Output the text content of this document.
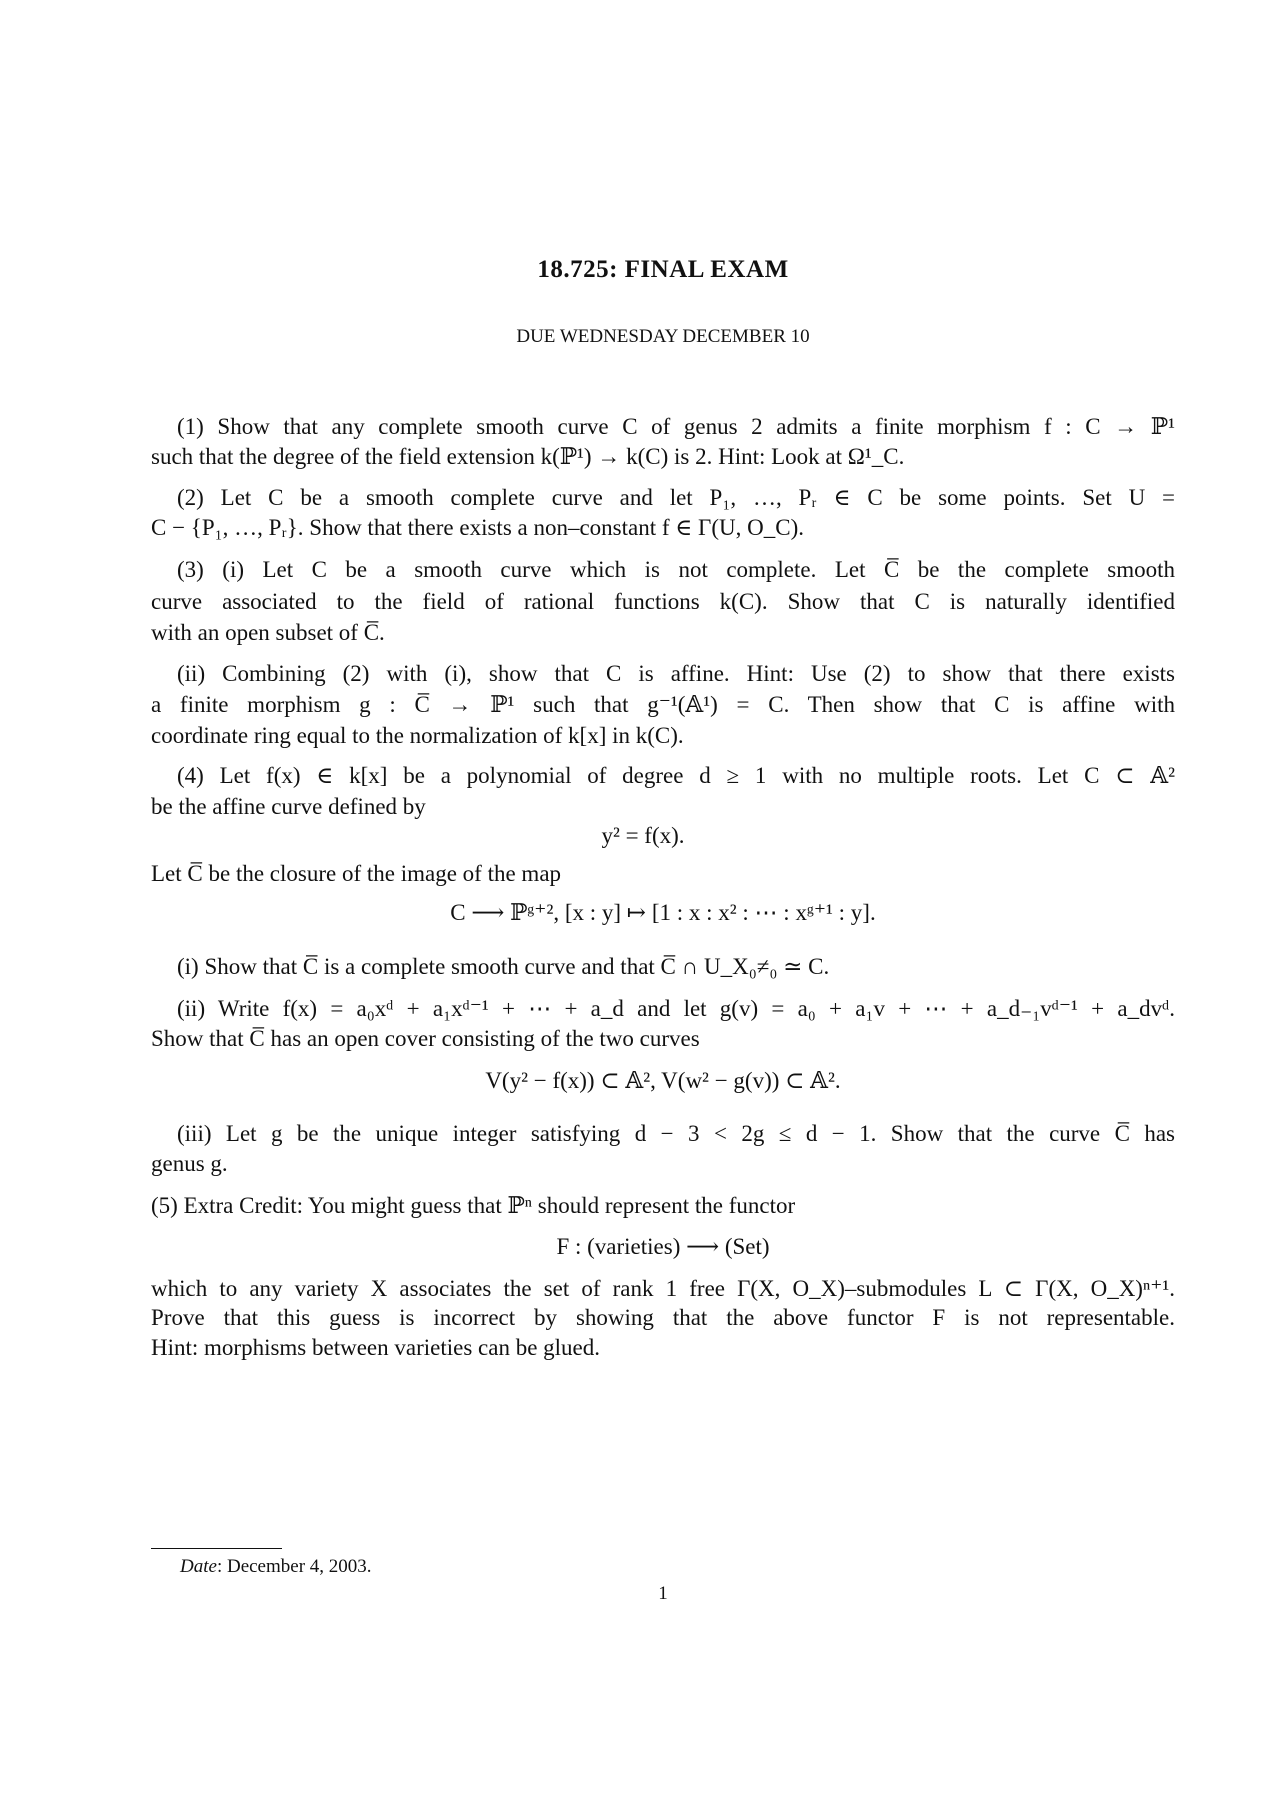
18.725: FINAL EXAM
DUE WEDNESDAY DECEMBER 10
(1) Show that any complete smooth curve C of genus 2 admits a finite morphism f : C → ℙ¹
such that the degree of the field extension k(ℙ¹) → k(C) is 2. Hint: Look at Ω¹_C.
(2) Let C be a smooth complete curve and let P₁, …, Pᵣ ∈ C be some points. Set U =
C − {P₁, …, Pᵣ}. Show that there exists a non–constant f ∈ Γ(U, O_C).
(3) (i) Let C be a smooth curve which is not complete. Let C̅ be the complete smooth
curve associated to the field of rational functions k(C). Show that C is naturally identified
with an open subset of C̅.
(ii) Combining (2) with (i), show that C is affine. Hint: Use (2) to show that there exists
a finite morphism g : C̅ → ℙ¹ such that g⁻¹(𝔸¹) = C. Then show that C is affine with
coordinate ring equal to the normalization of k[x] in k(C).
(4) Let f(x) ∈ k[x] be a polynomial of degree d ≥ 1 with no multiple roots. Let C ⊂ 𝔸²
be the affine curve defined by
y² = f(x).
Let C̅ be the closure of the image of the map
C ⟶ ℙᵍ⁺², [x : y] ↦ [1 : x : x² : ⋯ : xᵍ⁺¹ : y].
(i) Show that C̅ is a complete smooth curve and that C̅ ∩ U_X₀≠₀ ≃ C.
(ii) Write f(x) = a₀xᵈ + a₁xᵈ⁻¹ + ⋯ + a_d and let g(v) = a₀ + a₁v + ⋯ + a_d₋₁vᵈ⁻¹ + a_dvᵈ.
Show that C̅ has an open cover consisting of the two curves
V(y² − f(x)) ⊂ 𝔸², V(w² − g(v)) ⊂ 𝔸².
(iii) Let g be the unique integer satisfying d − 3 < 2g ≤ d − 1. Show that the curve C̅ has
genus g.
(5) Extra Credit: You might guess that ℙⁿ should represent the functor
F : (varieties) ⟶ (Set)
which to any variety X associates the set of rank 1 free Γ(X, O_X)–submodules L ⊂ Γ(X, O_X)ⁿ⁺¹.
Prove that this guess is incorrect by showing that the above functor F is not representable.
Hint: morphisms between varieties can be glued.
Date: December 4, 2003.
1
